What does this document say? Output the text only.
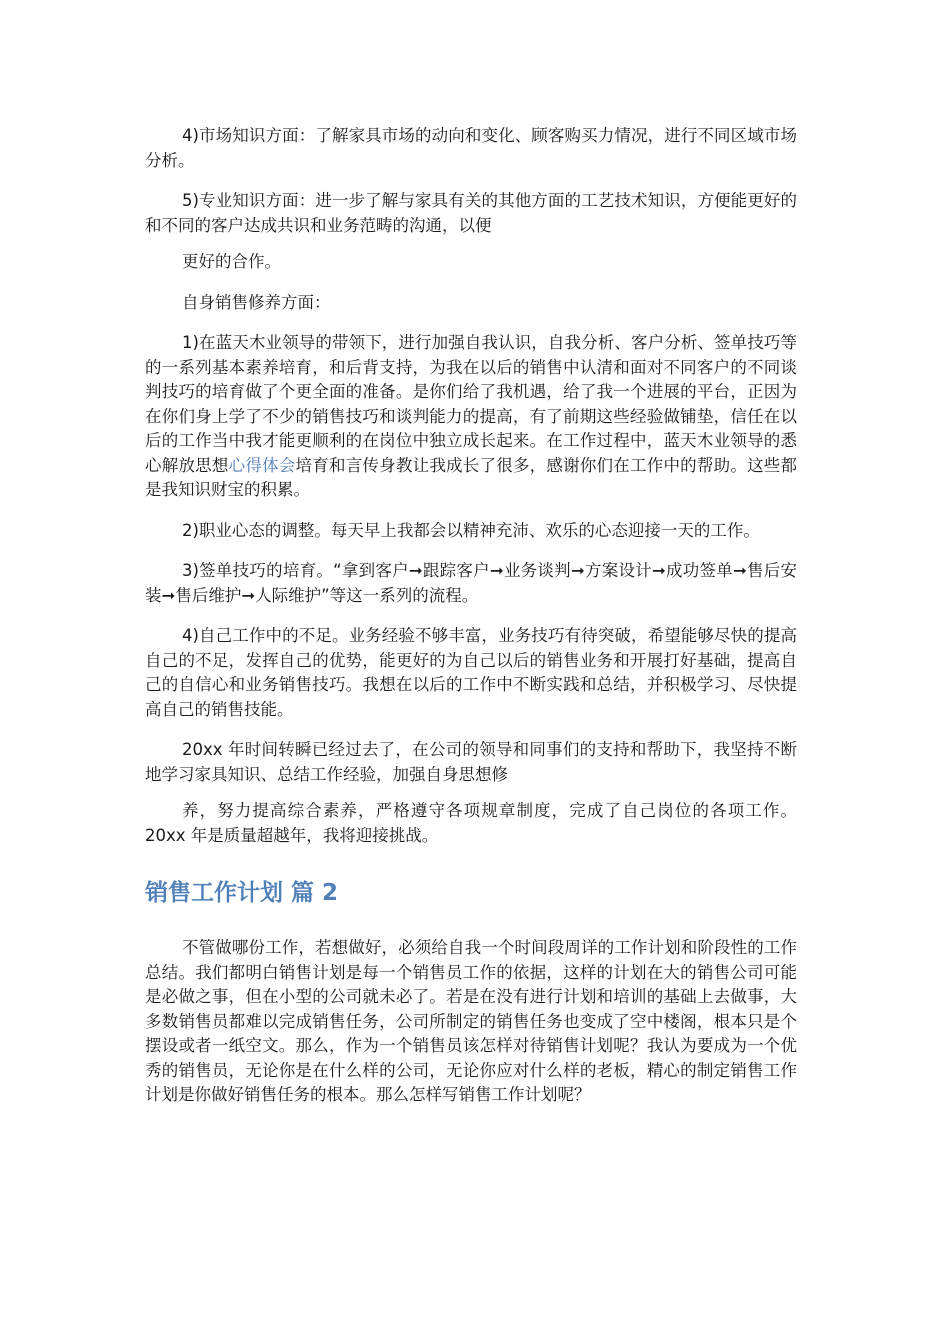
4)市场知识方面：了解家具市场的动向和变化、顾客购买力情况，进行不同区域市场分析。

5)专业知识方面：进一步了解与家具有关的其他方面的工艺技术知识，方便能更好的和不同的客户达成共识和业务范畴的沟通，以便

更好的合作。

自身销售修养方面：

1)在蓝天木业领导的带领下，进行加强自我认识，自我分析、客户分析、签单技巧等的一系列基本素养培育，和后背支持，为我在以后的销售中认清和面对不同客户的不同谈判技巧的培育做了个更全面的准备。是你们给了我机遇，给了我一个进展的平台，正因为在你们身上学了不少的销售技巧和谈判能力的提高，有了前期这些经验做铺垫，信任在以后的工作当中我才能更顺利的在岗位中独立成长起来。在工作过程中，蓝天木业领导的悉心解放思想心得体会培育和言传身教让我成长了很多，感谢你们在工作中的帮助。这些都是我知识财宝的积累。

2)职业心态的调整。每天早上我都会以精神充沛、欢乐的心态迎接一天的工作。

3)签单技巧的培育。“拿到客户➞跟踪客户➞业务谈判➞方案设计➞成功签单➞售后安装➞售后维护➞人际维护”等这一系列的流程。

4)自己工作中的不足。业务经验不够丰富，业务技巧有待突破，希望能够尽快的提高自己的不足，发挥自己的优势，能更好的为自己以后的销售业务和开展打好基础，提高自己的自信心和业务销售技巧。我想在以后的工作中不断实践和总结，并积极学习、尽快提高自己的销售技能。

20xx 年时间转瞬已经过去了，在公司的领导和同事们的支持和帮助下，我坚持不断地学习家具知识、总结工作经验，加强自身思想修

养，努力提高综合素养，严格遵守各项规章制度，完成了自己岗位的各项工作。20xx 年是质量超越年，我将迎接挑战。

销售工作计划 篇 2

不管做哪份工作，若想做好，必须给自我一个时间段周详的工作计划和阶段性的工作总结。我们都明白销售计划是每一个销售员工作的依据，这样的计划在大的销售公司可能是必做之事，但在小型的公司就未必了。若是在没有进行计划和培训的基础上去做事，大多数销售员都难以完成销售任务，公司所制定的销售任务也变成了空中楼阁，根本只是个摆设或者一纸空文。那么，作为一个销售员该怎样对待销售计划呢？我认为要成为一个优秀的销售员，无论你是在什么样的公司，无论你应对什么样的老板，精心的制定销售工作计划是你做好销售任务的根本。那么怎样写销售工作计划呢？
